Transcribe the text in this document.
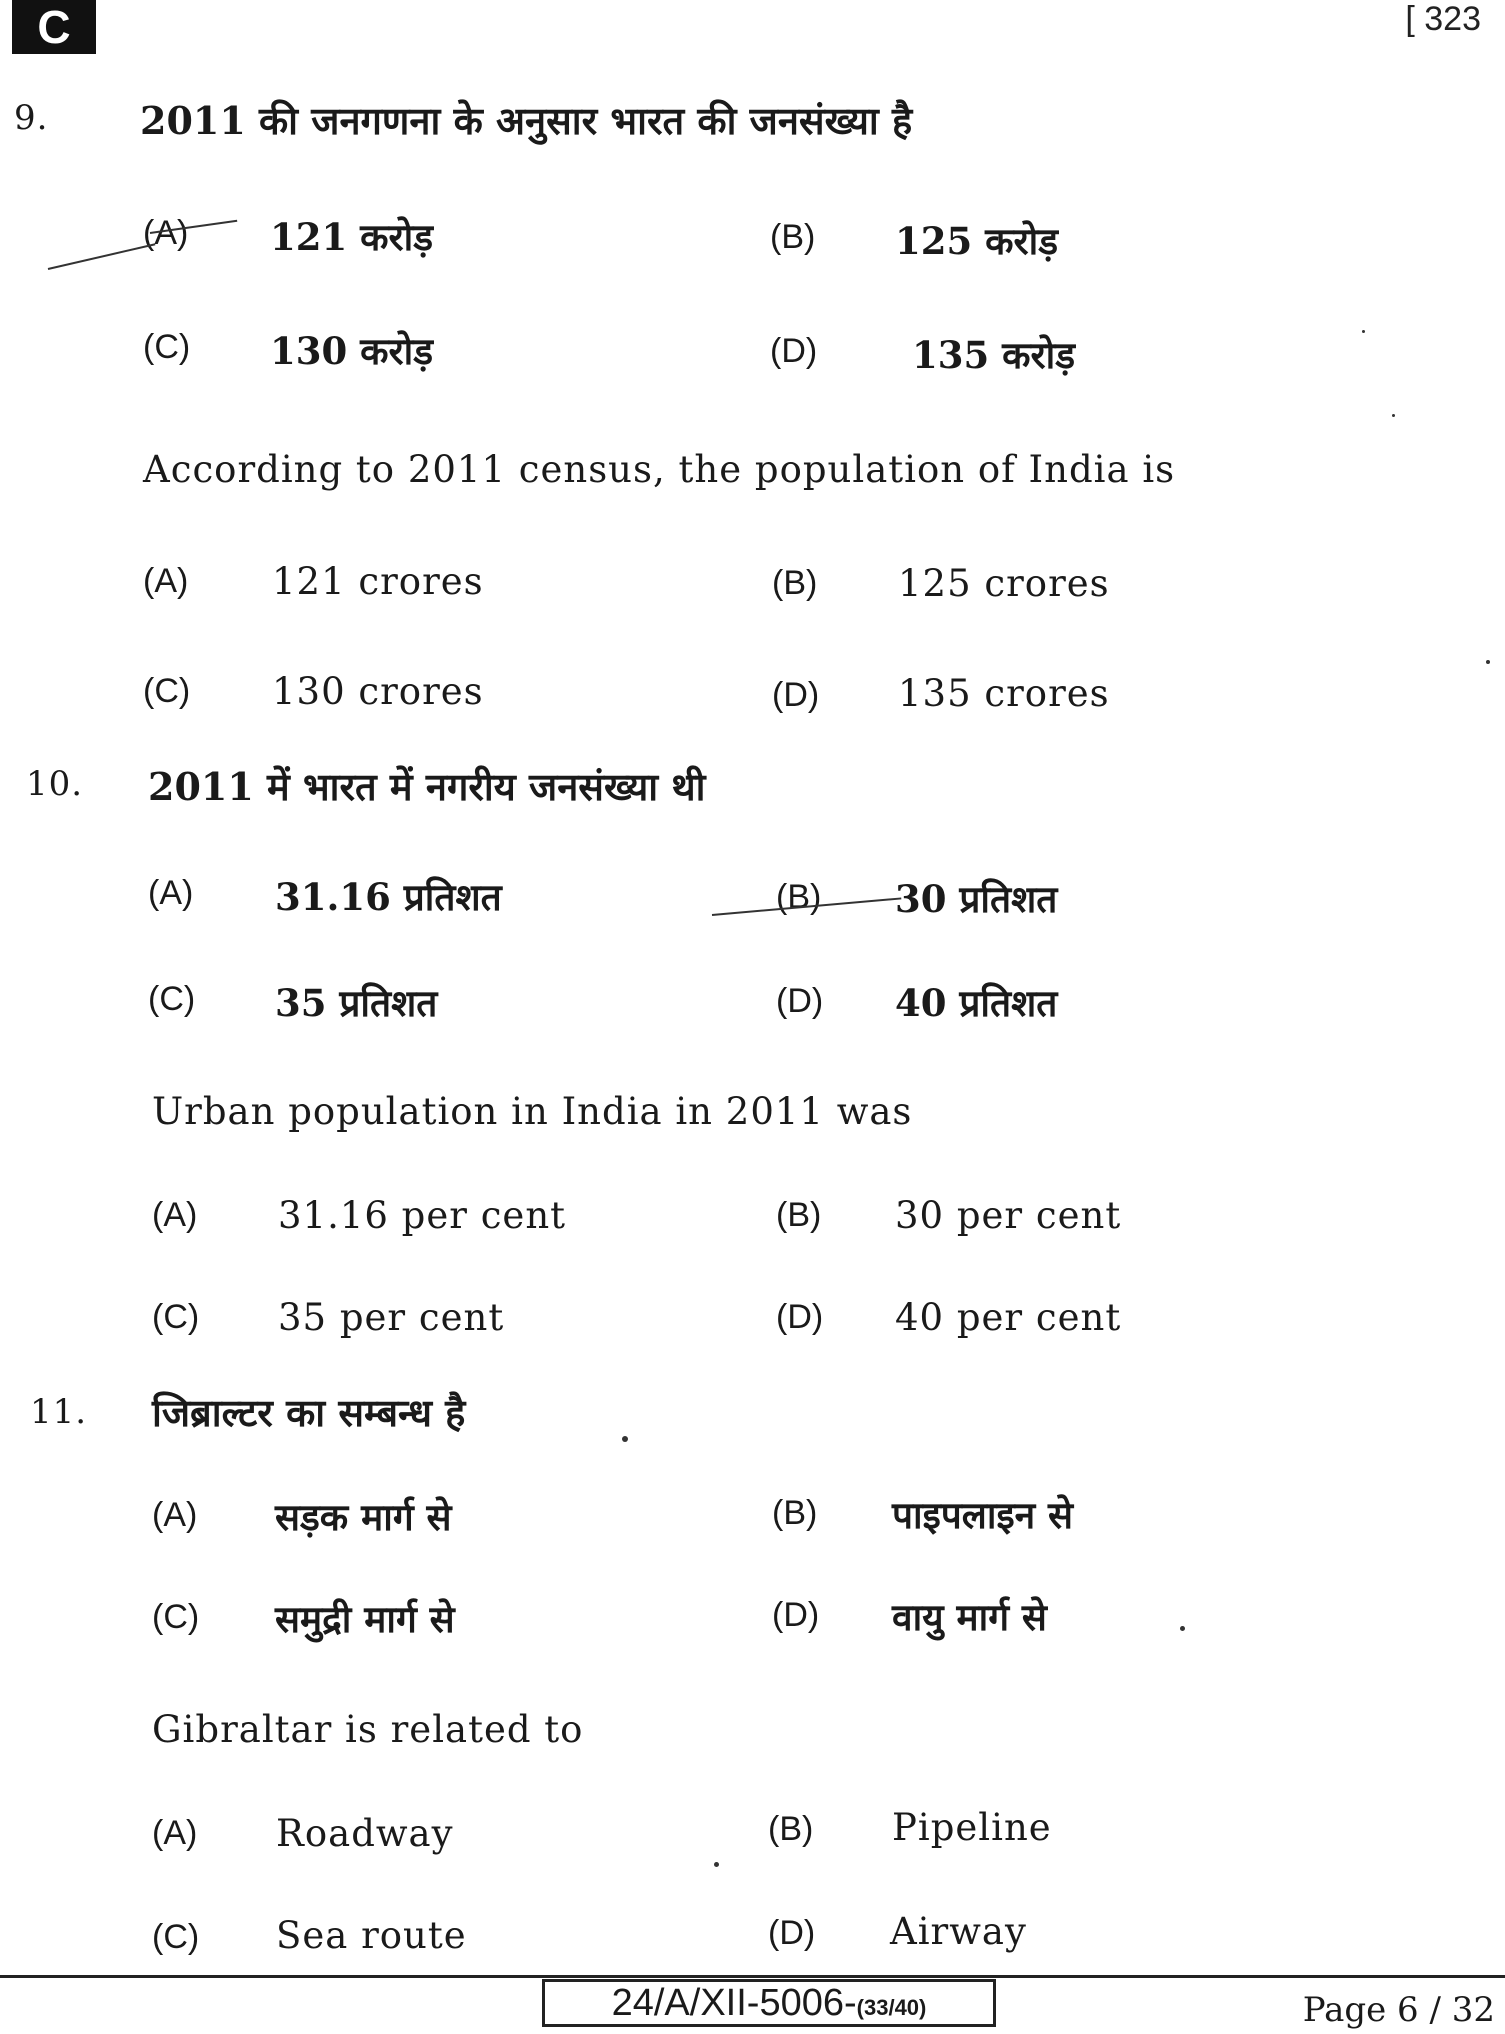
C	[ 323
9. 2011 की जनगणना के अनुसार भारत की जनसंख्या है
(A) 121 करोड़	(B) 125 करोड़
(C) 130 करोड़	(D)	135 करोड़
According to 2011 census, the population of India is
(A) 121 crores	(B) 125 crores
(C) 130 crores	(D) 135 crores
10. 2011 में भारत में नगरीय जनसंख्या थी
(A) 31.16 प्रतिशत	(B) 30 प्रतिशत
(C) 35 प्रतिशत	(D) 40 प्रतिशत
Urban population in India in 2011 was
(A) 31.16 per cent	(B) 30 per cent
(C) 35 per cent	(D) 40 per cent
11. जिब्राल्टर का सम्बन्ध है
(A) सड़क मार्ग से	(B) पाइपलाइन से
(C) समुद्री मार्ग से	(D) वायु मार्ग से
Gibraltar is related to
(A) Roadway	(B) Pipeline
(C) Sea route	(D) Airway
24/A/XII-5006-(33/40)	Page 6 / 32
